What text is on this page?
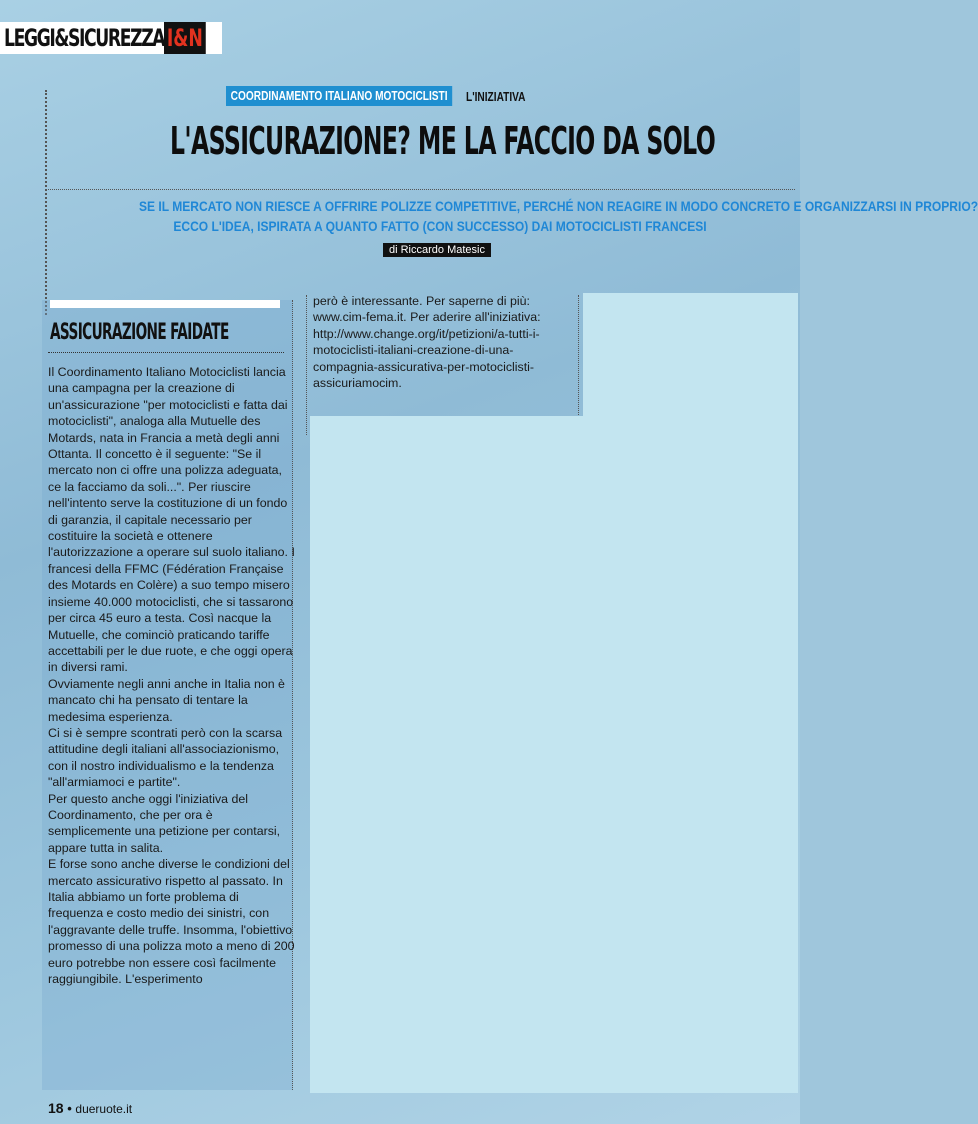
LEGGI&SICUREZZA I&N
COORDINAMENTO ITALIANO MOTOCICLISTI	L'INIZIATIVA
L'ASSICURAZIONE? ME LA FACCIO DA SOLO
SE IL MERCATO NON RIESCE A OFFRIRE POLIZZE COMPETITIVE, PERCHÉ NON REAGIRE IN MODO CONCRETO E ORGANIZZARSI IN PROPRIO?
ECCO L'IDEA, ISPIRATA A QUANTO FATTO (CON SUCCESSO) DAI MOTOCICLISTI FRANCESI
di Riccardo Matesic
ASSICURAZIONE FAIDATE

Il Coordinamento Italiano Motociclisti lancia una campagna per la creazione di un'assicurazione "per motociclisti e fatta dai motociclisti", analoga alla Mutuelle des Motards, nata in Francia a metà degli anni Ottanta. Il concetto è il seguente: "Se il mercato non ci offre una polizza adeguata, ce la facciamo da soli...". Per riuscire nell'intento serve la costituzione di un fondo di garanzia, il capitale necessario per costituire la società e ottenere l'autorizzazione a operare sul suolo italiano. I francesi della FFMC (Fédération Française des Motards en Colère) a suo tempo misero insieme 40.000 motociclisti, che si tassarono per circa 45 euro a testa. Così nacque la Mutuelle, che cominciò praticando tariffe accettabili per le due ruote, e che oggi opera in diversi rami.

Ovviamente negli anni anche in Italia non è mancato chi ha pensato di tentare la medesima esperienza.

Ci si è sempre scontrati però con la scarsa attitudine degli italiani all'associazionismo, con il nostro individualismo e la tendenza "all'armiamoci e partite".

Per questo anche oggi l'iniziativa del Coordinamento, che per ora è semplicemente una petizione per contarsi, appare tutta in salita.

E forse sono anche diverse le condizioni del mercato assicurativo rispetto al passato. In Italia abbiamo un forte problema di frequenza e costo medio dei sinistri, con l'aggravante delle truffe. Insomma, l'obiettivo promesso di una polizza moto a meno di 200 euro potrebbe non essere così facilmente raggiungibile. L'esperimento

però è interessante. Per saperne di più: www.cim-fema.it. Per aderire all'iniziativa: http://www.change.org/it/petizioni/a-tutti-i-motociclisti-italiani-creazione-di-una-compagnia-assicurativa-per-motociclisti-assicuriamocim.
18 • dueruote.it
